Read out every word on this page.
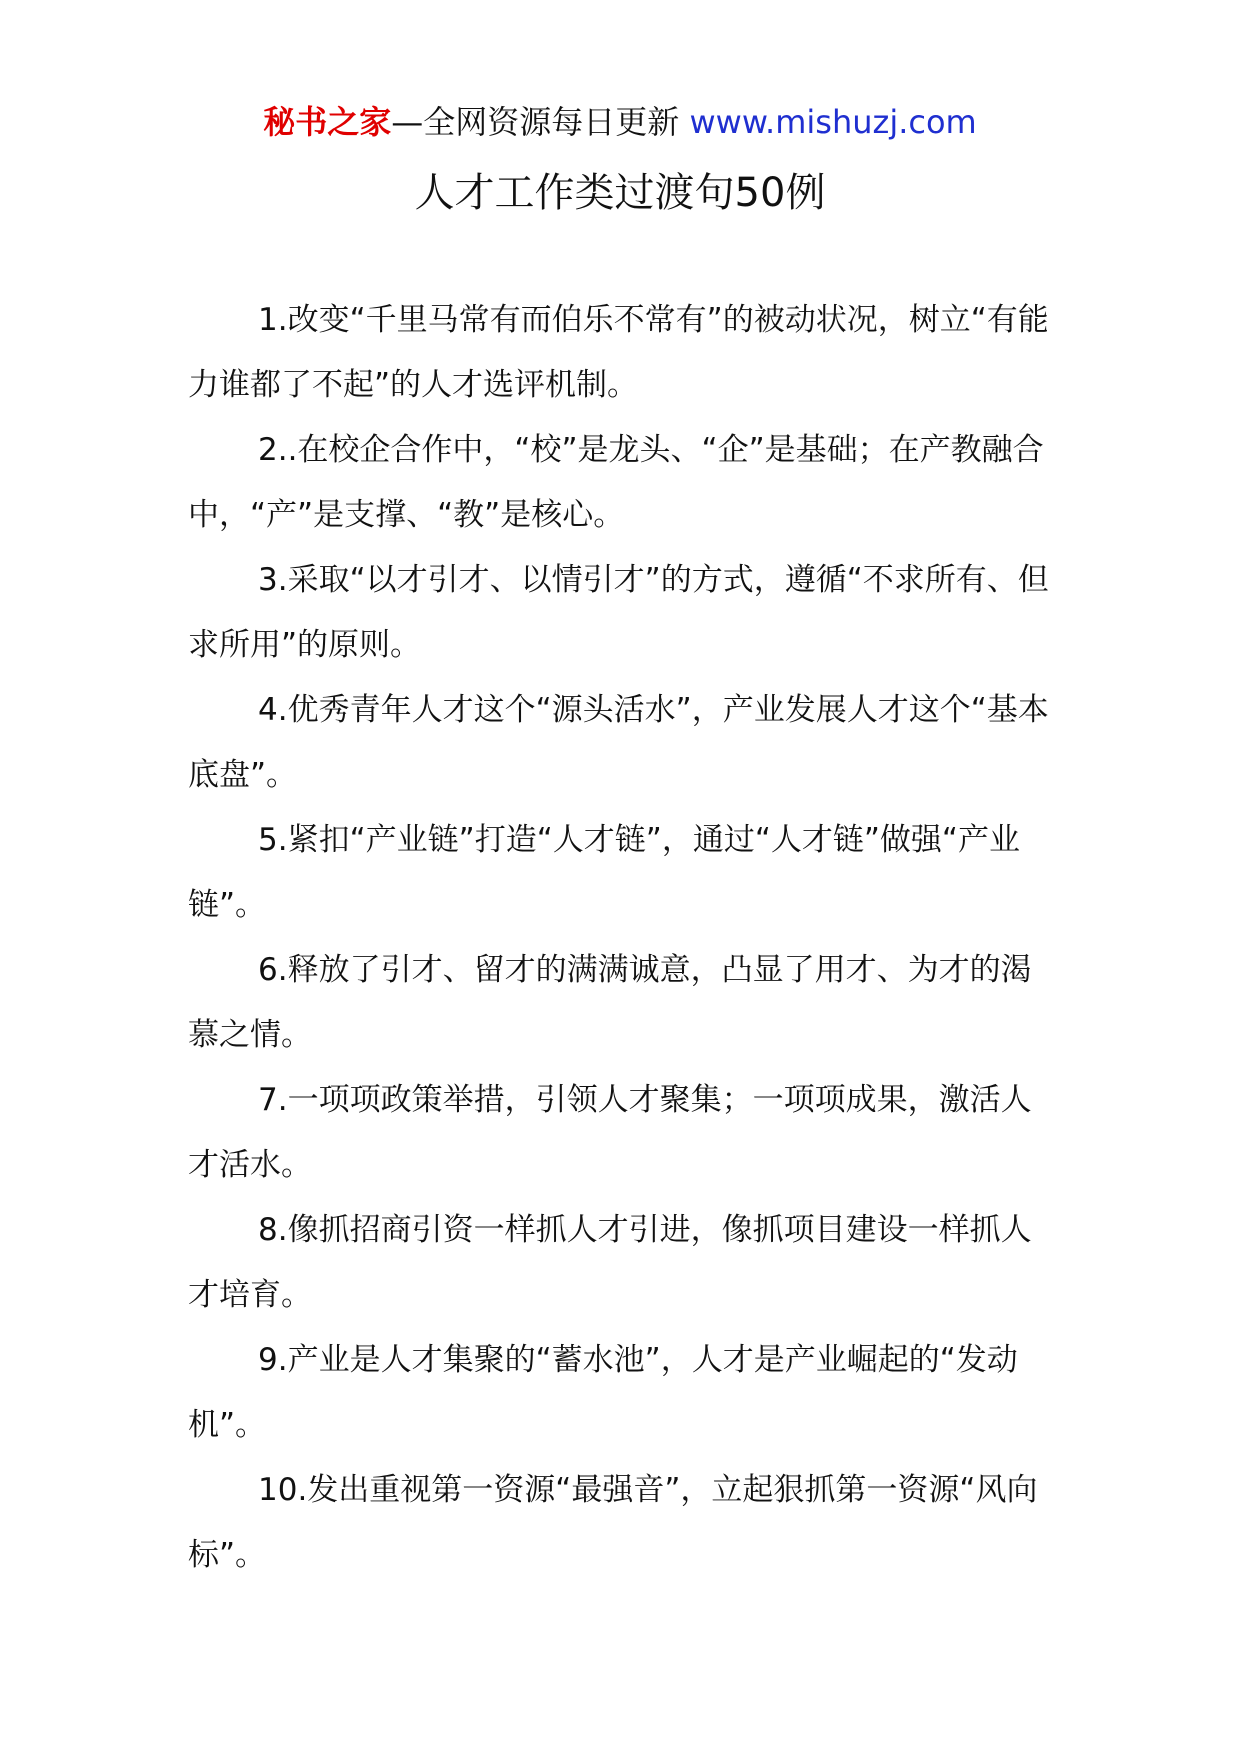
秘书之家—全网资源每日更新 www.mishuzj.com
人才工作类过渡句50例

1.改变“千里马常有而伯乐不常有”的被动状况，树立“有能力谁都了不起”的人才选评机制。

2..在校企合作中，“校”是龙头、“企”是基础；在产教融合中，“产”是支撑、“教”是核心。

3.采取“以才引才、以情引才”的方式，遵循“不求所有、但求所用”的原则。

4.优秀青年人才这个“源头活水”，产业发展人才这个“基本底盘”。

5.紧扣“产业链”打造“人才链”，通过“人才链”做强“产业链”。

6.释放了引才、留才的满满诚意，凸显了用才、为才的渴慕之情。

7.一项项政策举措，引领人才聚集；一项项成果，激活人才活水。

8.像抓招商引资一样抓人才引进，像抓项目建设一样抓人才培育。

9.产业是人才集聚的“蓄水池”，人才是产业崛起的“发动机”。

10.发出重视第一资源“最强音”，立起狠抓第一资源“风向标”。
